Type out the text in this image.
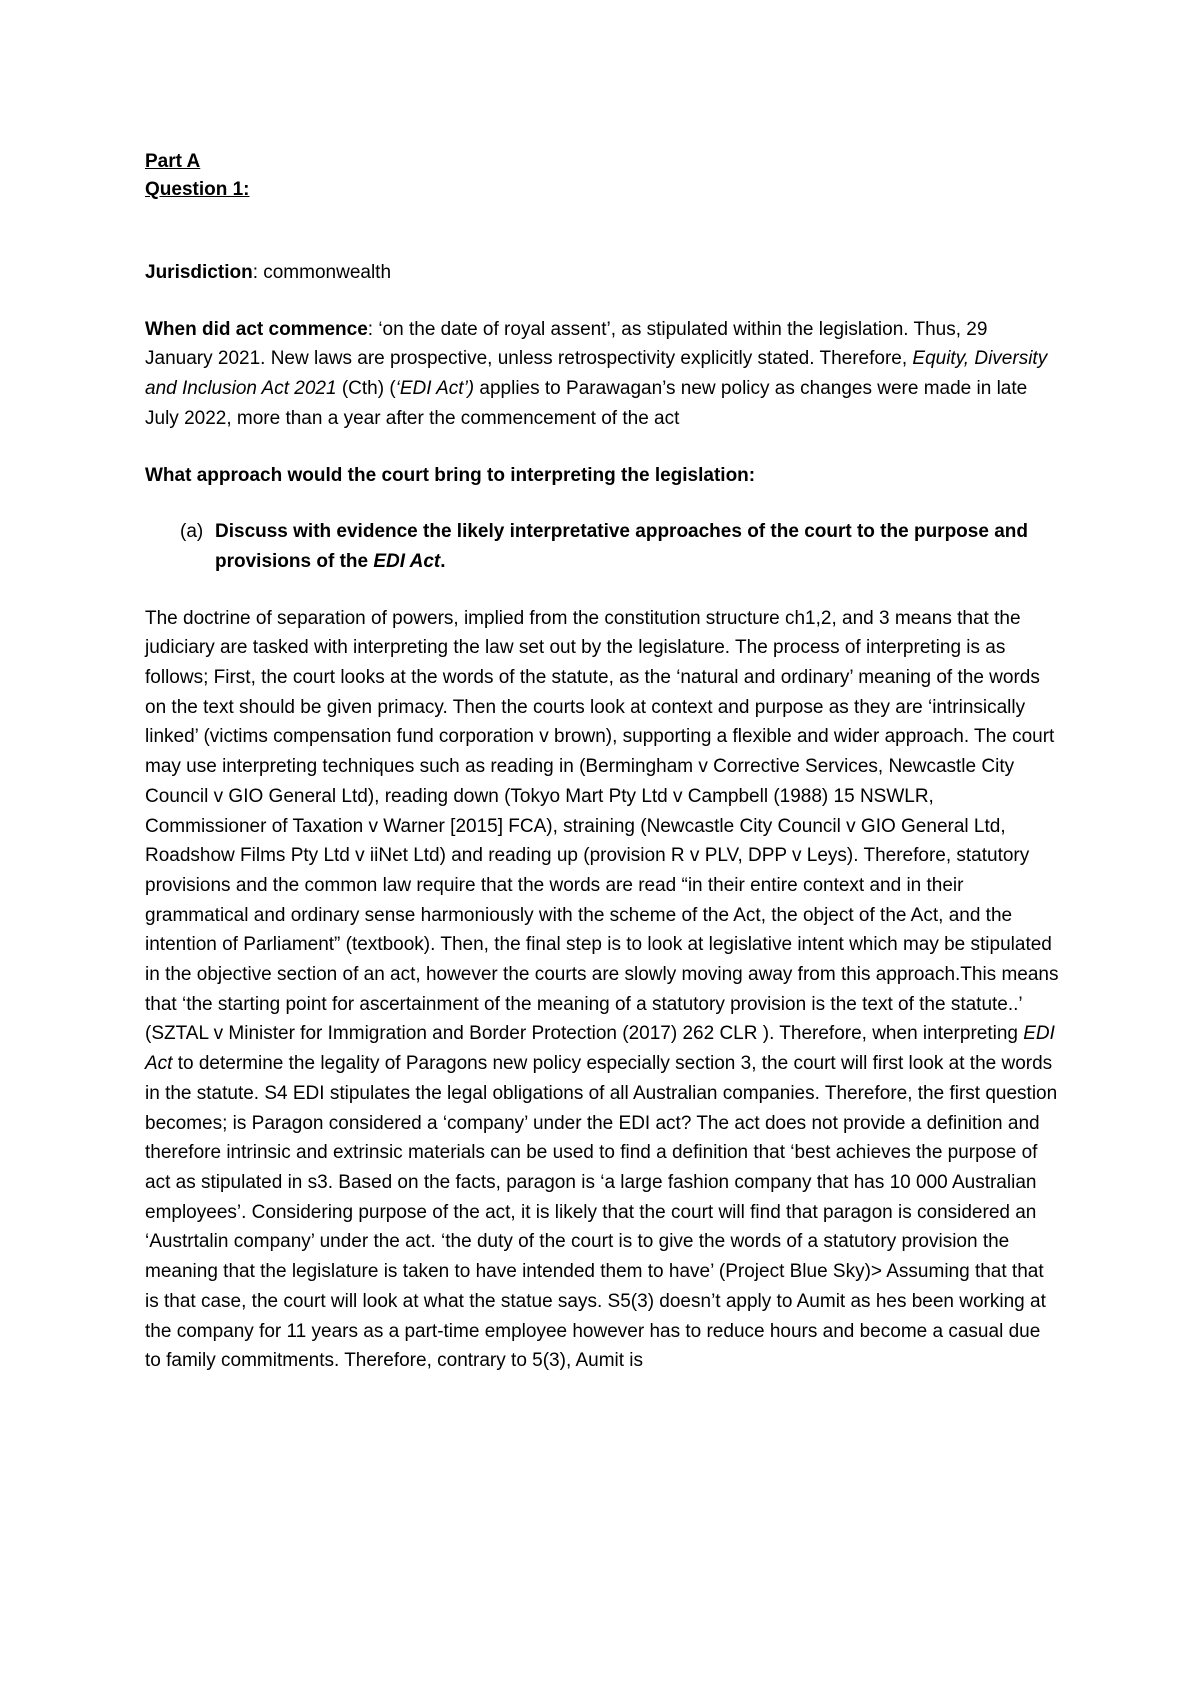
Part A

Question 1:

Jurisdiction: commonwealth

When did act commence: ‘on the date of royal assent’, as stipulated within the legislation. Thus, 29 January 2021. New laws are prospective, unless retrospectivity explicitly stated. Therefore, Equity, Diversity and Inclusion Act 2021 (Cth) (‘EDI Act’) applies to Parawagan’s new policy as changes were made in late July 2022, more than a year after the commencement of the act

What approach would the court bring to interpreting the legislation:

(a) Discuss with evidence the likely interpretative approaches of the court to the purpose and provisions of the EDI Act.

The doctrine of separation of powers, implied from the constitution structure ch1,2, and 3 means that the judiciary are tasked with interpreting the law set out by the legislature. The process of interpreting is as follows; First, the court looks at the words of the statute, as the ‘natural and ordinary’ meaning of the words on the text should be given primacy. Then the courts look at context and purpose as they are ‘intrinsically linked’ (victims compensation fund corporation v brown), supporting a flexible and wider approach. The court may use interpreting techniques such as reading in (Bermingham v Corrective Services, Newcastle City Council v GIO General Ltd), reading down (Tokyo Mart Pty Ltd v Campbell (1988) 15 NSWLR, Commissioner of Taxation v Warner [2015] FCA), straining (Newcastle City Council v GIO General Ltd, Roadshow Films Pty Ltd v iiNet Ltd) and reading up (provision R v PLV, DPP v Leys). Therefore, statutory provisions and the common law require that the words are read “in their entire context and in their grammatical and ordinary sense harmoniously with the scheme of the Act, the object of the Act, and the intention of Parliament” (textbook). Then, the final step is to look at legislative intent which may be stipulated in the objective section of an act, however the courts are slowly moving away from this approach.This means that ‘the starting point for ascertainment of the meaning of a statutory provision is the text of the statute..’ (SZTAL v Minister for Immigration and Border Protection (2017) 262 CLR ). Therefore, when interpreting EDI Act to determine the legality of Paragons new policy especially section 3, the court will first look at the words in the statute. S4 EDI stipulates the legal obligations of all Australian companies. Therefore, the first question becomes; is Paragon considered a ‘company’ under the EDI act? The act does not provide a definition and therefore intrinsic and extrinsic materials can be used to find a definition that ‘best achieves the purpose of act as stipulated in s3. Based on the facts, paragon is ‘a large fashion company that has 10 000 Australian employees’. Considering purpose of the act, it is likely that the court will find that paragon is considered an ‘Austrtalin company’ under the act. ‘the duty of the court is to give the words of a statutory provision the meaning that the legislature is taken to have intended them to have’ (Project Blue Sky)> Assuming that that is that case, the court will look at what the statue says. S5(3) doesn’t apply to Aumit as hes been working at the company for 11 years as a part-time employee however has to reduce hours and become a casual due to family commitments. Therefore, contrary to 5(3), Aumit is
